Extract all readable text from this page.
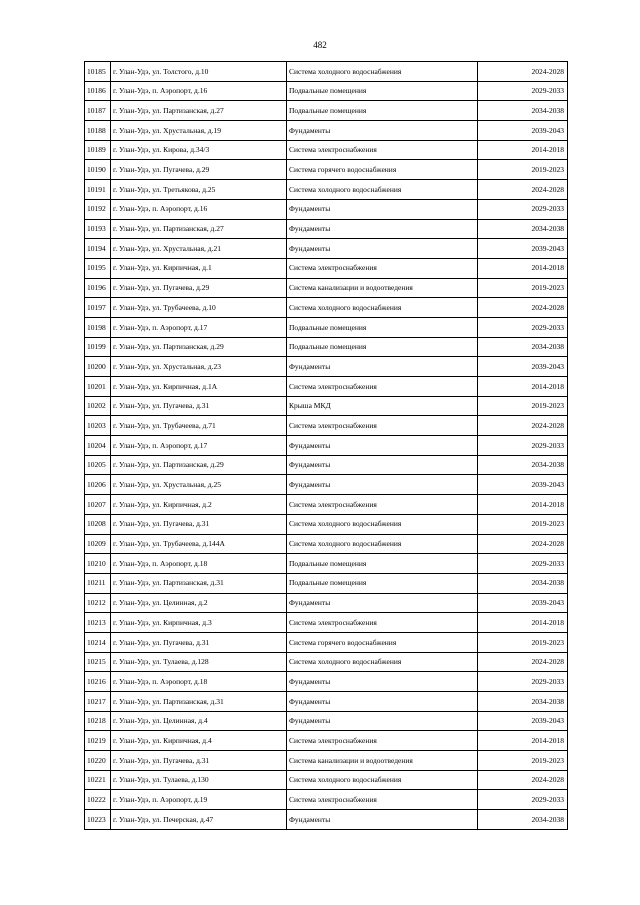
482
10185	г. Улан-Удэ, ул. Толстого, д.10	Система холодного водоснабжения	2024-2028
10186	г. Улан-Удэ, п. Аэропорт, д.16	Подвальные помещения	2029-2033
10187	г. Улан-Удэ, ул. Партизанская, д.27	Подвальные помещения	2034-2038
10188	г. Улан-Удэ, ул. Хрустальная, д.19	Фундаменты	2039-2043
10189	г. Улан-Удэ, ул. Кирова, д.34/3	Система электроснабжения	2014-2018
10190	г. Улан-Удэ, ул. Пугачева, д.29	Система горячего водоснабжения	2019-2023
10191	г. Улан-Удэ, ул. Третьякова, д.25	Система холодного водоснабжения	2024-2028
10192	г. Улан-Удэ, п. Аэропорт, д.16	Фундаменты	2029-2033
10193	г. Улан-Удэ, ул. Партизанская, д.27	Фундаменты	2034-2038
10194	г. Улан-Удэ, ул. Хрустальная, д.21	Фундаменты	2039-2043
10195	г. Улан-Удэ, ул. Кирпичная, д.1	Система электроснабжения	2014-2018
10196	г. Улан-Удэ, ул. Пугачева, д.29	Система канализации и водоотведения	2019-2023
10197	г. Улан-Удэ, ул. Трубачеева, д.10	Система холодного водоснабжения	2024-2028
10198	г. Улан-Удэ, п. Аэропорт, д.17	Подвальные помещения	2029-2033
10199	г. Улан-Удэ, ул. Партизанская, д.29	Подвальные помещения	2034-2038
10200	г. Улан-Удэ, ул. Хрустальная, д.23	Фундаменты	2039-2043
10201	г. Улан-Удэ, ул. Кирпичная, д.1А	Система электроснабжения	2014-2018
10202	г. Улан-Удэ, ул. Пугачева, д.31	Крыша МКД	2019-2023
10203	г. Улан-Удэ, ул. Трубачеева, д.71	Система электроснабжения	2024-2028
10204	г. Улан-Удэ, п. Аэропорт, д.17	Фундаменты	2029-2033
10205	г. Улан-Удэ, ул. Партизанская, д.29	Фундаменты	2034-2038
10206	г. Улан-Удэ, ул. Хрустальная, д.25	Фундаменты	2039-2043
10207	г. Улан-Удэ, ул. Кирпичная, д.2	Система электроснабжения	2014-2018
10208	г. Улан-Удэ, ул. Пугачева, д.31	Система холодного водоснабжения	2019-2023
10209	г. Улан-Удэ, ул. Трубачеева, д.144А	Система холодного водоснабжения	2024-2028
10210	г. Улан-Удэ, п. Аэропорт, д.18	Подвальные помещения	2029-2033
10211	г. Улан-Удэ, ул. Партизанская, д.31	Подвальные помещения	2034-2038
10212	г. Улан-Удэ, ул. Целинная, д.2	Фундаменты	2039-2043
10213	г. Улан-Удэ, ул. Кирпичная, д.3	Система электроснабжения	2014-2018
10214	г. Улан-Удэ, ул. Пугачева, д.31	Система горячего водоснабжения	2019-2023
10215	г. Улан-Удэ, ул. Тулаева, д.128	Система холодного водоснабжения	2024-2028
10216	г. Улан-Удэ, п. Аэропорт, д.18	Фундаменты	2029-2033
10217	г. Улан-Удэ, ул. Партизанская, д.31	Фундаменты	2034-2038
10218	г. Улан-Удэ, ул. Целинная, д.4	Фундаменты	2039-2043
10219	г. Улан-Удэ, ул. Кирпичная, д.4	Система электроснабжения	2014-2018
10220	г. Улан-Удэ, ул. Пугачева, д.31	Система канализации и водоотведения	2019-2023
10221	г. Улан-Удэ, ул. Тулаева, д.130	Система холодного водоснабжения	2024-2028
10222	г. Улан-Удэ, п. Аэропорт, д.19	Система электроснабжения	2029-2033
10223	г. Улан-Удэ, ул. Печерская, д.47	Фундаменты	2034-2038
